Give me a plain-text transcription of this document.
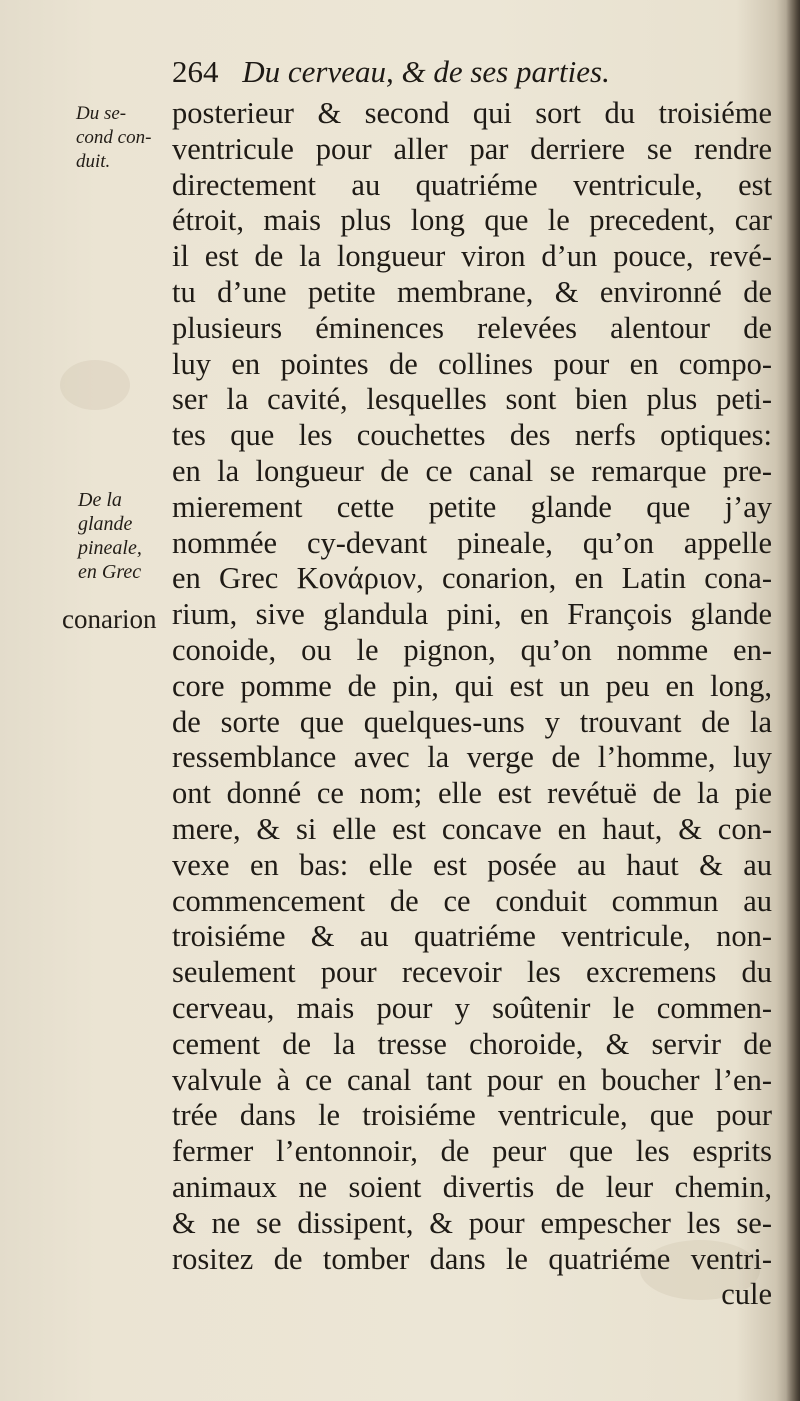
264 Du cerveau, & de ses parties.
Du se-
cond con-
duit.
De la
glande
pineale,
en Grec
conarion
posterieur & second qui sort du troisiéme
ventricule pour aller par derriere se rendre
directement au quatriéme ventricule, est
étroit, mais plus long que le precedent, car
il est de la longueur viron d’un pouce, revé-
tu d’une petite membrane, & environné de
plusieurs éminences relevées alentour de
luy en pointes de collines pour en compo-
ser la cavité, lesquelles sont bien plus peti-
tes que les couchettes des nerfs optiques:
en la longueur de ce canal se remarque pre-
mierement cette petite glande que j’ay
nommée cy-devant pineale, qu’on appelle
en Grec Κονάριον, conarion, en Latin cona-
rium, sive glandula pini, en François glande
conoide, ou le pignon, qu’on nomme en-
core pomme de pin, qui est un peu en long,
de sorte que quelques-uns y trouvant de la
ressemblance avec la verge de l’homme, luy
ont donné ce nom; elle est revétuë de la pie
mere, & si elle est concave en haut, & con-
vexe en bas: elle est posée au haut & au
commencement de ce conduit commun au
troisiéme & au quatriéme ventricule, non-
seulement pour recevoir les excremens du
cerveau, mais pour y soûtenir le commen-
cement de la tresse choroide, & servir de
valvule à ce canal tant pour en boucher l’en-
trée dans le troisiéme ventricule, que pour
fermer l’entonnoir, de peur que les esprits
animaux ne soient divertis de leur chemin,
& ne se dissipent, & pour empescher les se-
rositez de tomber dans le quatriéme ventri-
cule
